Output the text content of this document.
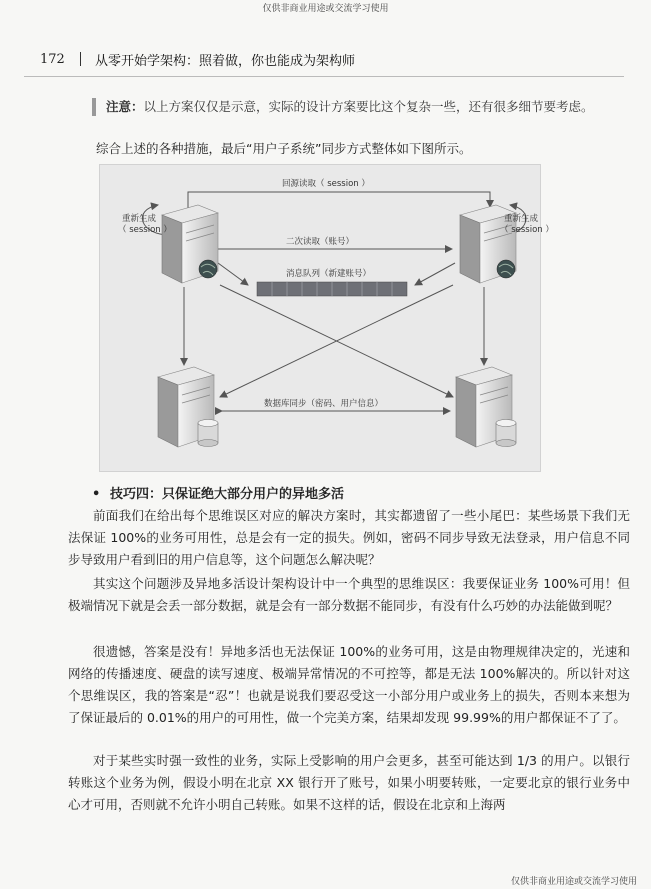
仅供非商业用途或交流学习使用
172	从零开始学架构：照着做，你也能成为架构师
注意：以上方案仅仅是示意，实际的设计方案要比这个复杂一些，还有很多细节要考虑。
综合上述的各种措施，最后“用户子系统”同步方式整体如下图所示。
回源读取（ session ）
重新生成
（ session ）
重新生成
（ session ）
二次读取（账号）
消息队列（新建账号）
数据库同步（密码、用户信息）
• 技巧四：只保证绝大部分用户的异地多活
前面我们在给出每个思维误区对应的解决方案时，其实都遗留了一些小尾巴：某些场景下我们无法保证 100%的业务可用性，总是会有一定的损失。例如，密码不同步导致无法登录，用户信息不同步导致用户看到旧的用户信息等，这个问题怎么解决呢？
其实这个问题涉及异地多活设计架构设计中一个典型的思维误区：我要保证业务 100%可用！但极端情况下就是会丢一部分数据，就是会有一部分数据不能同步，有没有什么巧妙的办法能做到呢？
很遗憾，答案是没有！异地多活也无法保证 100%的业务可用，这是由物理规律决定的，光速和网络的传播速度、硬盘的读写速度、极端异常情况的不可控等，都是无法 100%解决的。所以针对这个思维误区，我的答案是“忍”！也就是说我们要忍受这一小部分用户或业务上的损失，否则本来想为了保证最后的 0.01%的用户的可用性，做一个完美方案，结果却发现 99.99%的用户都保证不了了。
对于某些实时强一致性的业务，实际上受影响的用户会更多，甚至可能达到 1/3 的用户。以银行转账这个业务为例，假设小明在北京 XX 银行开了账号，如果小明要转账，一定要北京的银行业务中心才可用，否则就不允许小明自己转账。如果不这样的话，假设在北京和上海两
仅供非商业用途或交流学习使用
